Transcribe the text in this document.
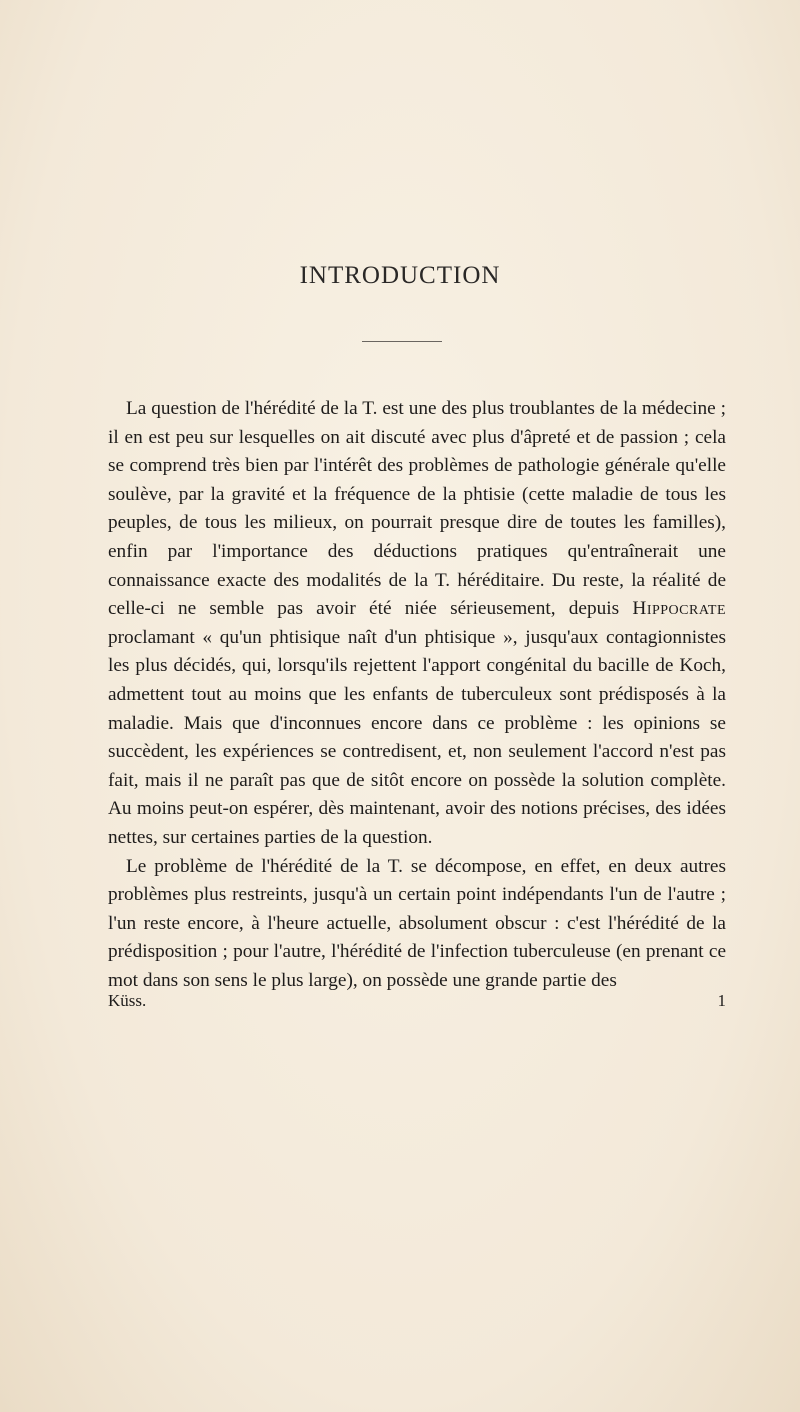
INTRODUCTION

La question de l'hérédité de la T. est une des plus troublantes de la médecine ; il en est peu sur lesquelles on ait discuté avec plus d'âpreté et de passion ; cela se comprend très bien par l'intérêt des problèmes de pathologie générale qu'elle soulève, par la gravité et la fréquence de la phtisie (cette maladie de tous les peuples, de tous les milieux, on pourrait presque dire de toutes les familles), enfin par l'importance des déductions pratiques qu'entraînerait une connaissance exacte des modalités de la T. héréditaire. Du reste, la réalité de celle-ci ne semble pas avoir été niée sérieusement, depuis Hippocrate proclamant « qu'un phtisique naît d'un phtisique », jusqu'aux contagionnistes les plus décidés, qui, lorsqu'ils rejettent l'apport congénital du bacille de Koch, admettent tout au moins que les enfants de tuberculeux sont prédisposés à la maladie. Mais que d'inconnues encore dans ce problème : les opinions se succèdent, les expériences se contredisent, et, non seulement l'accord n'est pas fait, mais il ne paraît pas que de sitôt encore on possède la solution complète. Au moins peut-on espérer, dès maintenant, avoir des notions précises, des idées nettes, sur certaines parties de la question.

Le problème de l'hérédité de la T. se décompose, en effet, en deux autres problèmes plus restreints, jusqu'à un certain point indépendants l'un de l'autre ; l'un reste encore, à l'heure actuelle, absolument obscur : c'est l'hérédité de la prédisposition ; pour l'autre, l'hérédité de l'infection tuberculeuse (en prenant ce mot dans son sens le plus large), on possède une grande partie des

Küss.	1
